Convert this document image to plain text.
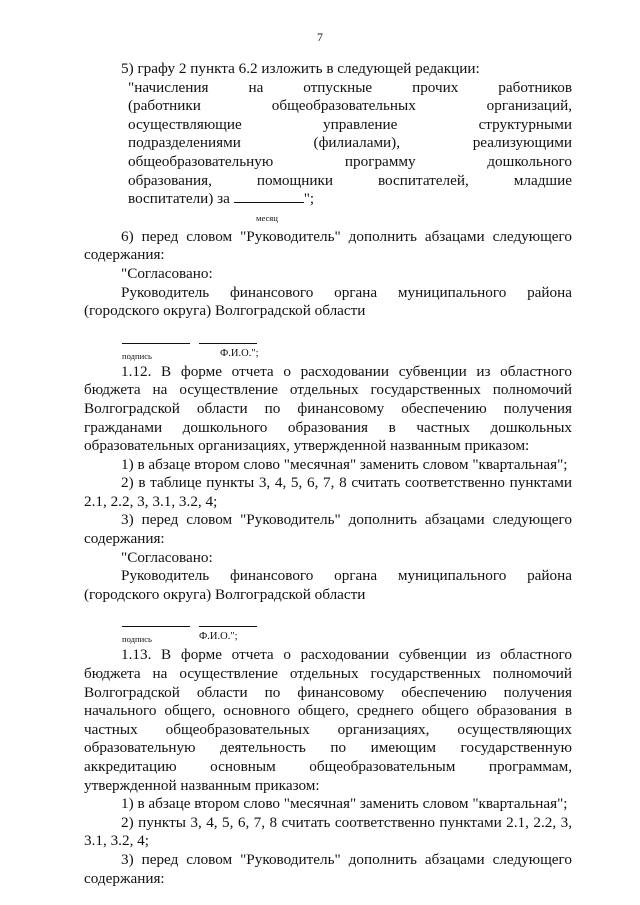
7

5) графу 2 пункта 6.2 изложить в следующей редакции:

"начисления на отпускные прочих работников

(работники общеобразовательных организаций,

осуществляющие управление структурными

подразделениями (филиалами), реализующими

общеобразовательную программу дошкольного

образования, помощники воспитателей, младшие

воспитатели) за	";

месяц

6) перед словом "Руководитель" дополнить абзацами следующего содержания:

"Согласовано:

Руководитель финансового органа муниципального района

(городского округа) Волгоградской области

подпись	Ф.И.О.";

1.12. В форме отчета о расходовании субвенции из областного бюджета на осуществление отдельных государственных полномочий Волгоградской области по финансовому обеспечению получения гражданами дошкольного образования в частных дошкольных образовательных организациях, утвержденной названным приказом:

1) в абзаце втором слово "месячная" заменить словом "квартальная";

2) в таблице пункты 3, 4, 5, 6, 7, 8 считать соответственно пунктами 2.1, 2.2, 3, 3.1, 3.2, 4;

3) перед словом "Руководитель" дополнить абзацами следующего содержания:

"Согласовано:

Руководитель финансового органа муниципального района

(городского округа) Волгоградской области

подпись	Ф.И.О.";

1.13. В форме отчета о расходовании субвенции из областного бюджета на осуществление отдельных государственных полномочий Волгоградской области по финансовому обеспечению получения начального общего, основного общего, среднего общего образования в частных общеобразовательных организациях, осуществляющих образовательную деятельность по имеющим государственную аккредитацию основным общеобразовательным программам, утвержденной названным приказом:

1) в абзаце втором слово "месячная" заменить словом "квартальная";

2) пункты 3, 4, 5, 6, 7, 8 считать соответственно пунктами 2.1, 2.2, 3, 3.1, 3.2, 4;

3) перед словом "Руководитель" дополнить абзацами следующего содержания:
